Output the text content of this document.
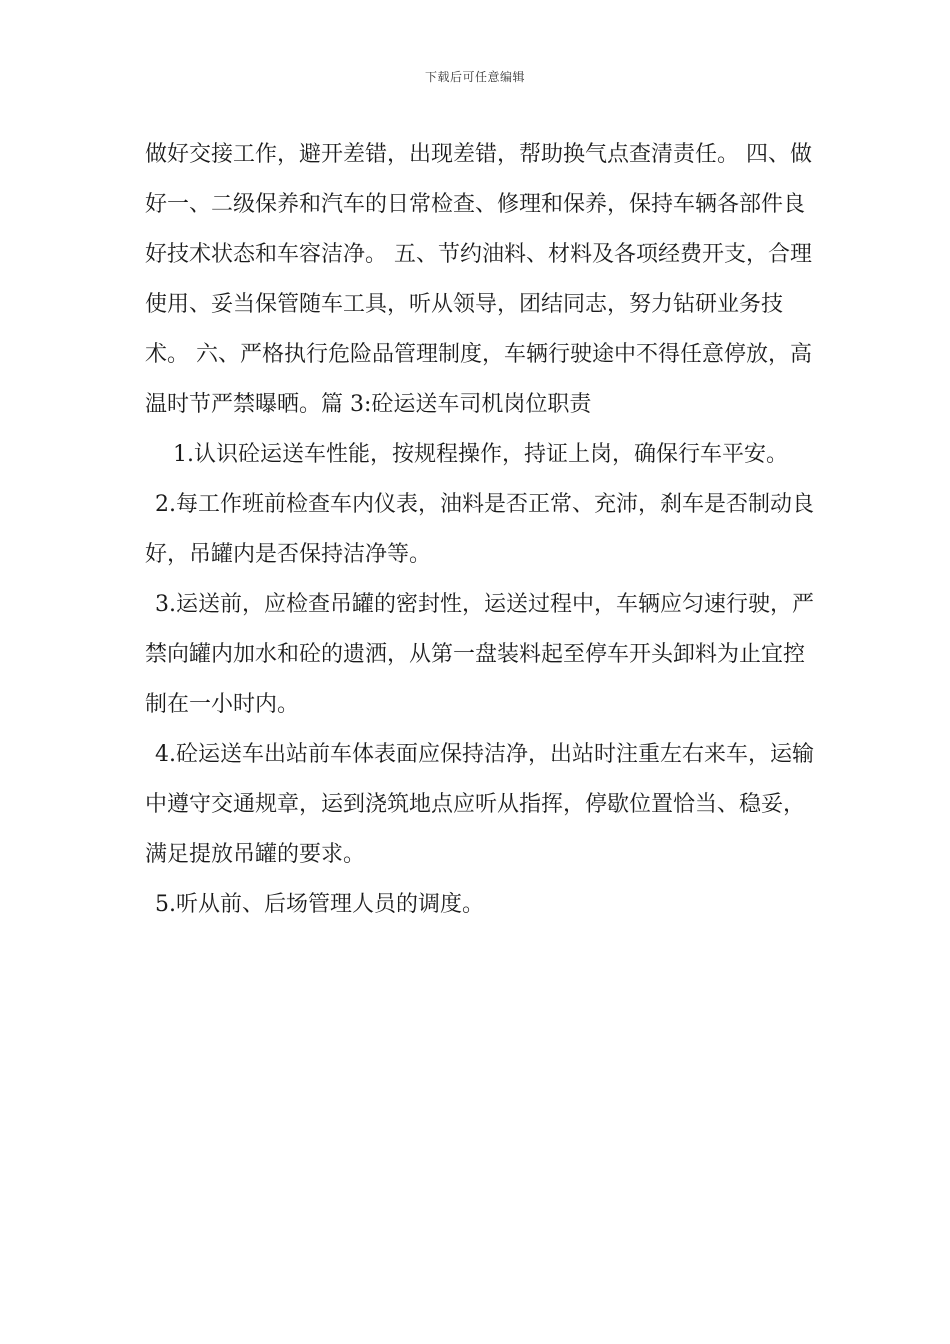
下载后可任意编辑

做好交接工作，避开差错，出现差错，帮助换气点查清责任。 四、做好一、二级保养和汽车的日常检查、修理和保养，保持车辆各部件良好技术状态和车容洁净。 五、节约油料、材料及各项经费开支，合理使用、妥当保管随车工具，听从领导，团结同志，努力钻研业务技术。 六、严格执行危险品管理制度，车辆行驶途中不得任意停放，高温时节严禁曝晒。篇 3:砼运送车司机岗位职责

1.认识砼运送车性能，按规程操作，持证上岗，确保行车平安。

2.每工作班前检查车内仪表，油料是否正常、充沛，刹车是否制动良好，吊罐内是否保持洁净等。

3.运送前，应检查吊罐的密封性，运送过程中，车辆应匀速行驶，严禁向罐内加水和砼的遗洒，从第一盘装料起至停车开头卸料为止宜控制在一小时内。

4.砼运送车出站前车体表面应保持洁净，出站时注重左右来车，运输中遵守交通规章，运到浇筑地点应听从指挥，停歇位置恰当、稳妥，满足提放吊罐的要求。

5.听从前、后场管理人员的调度。
